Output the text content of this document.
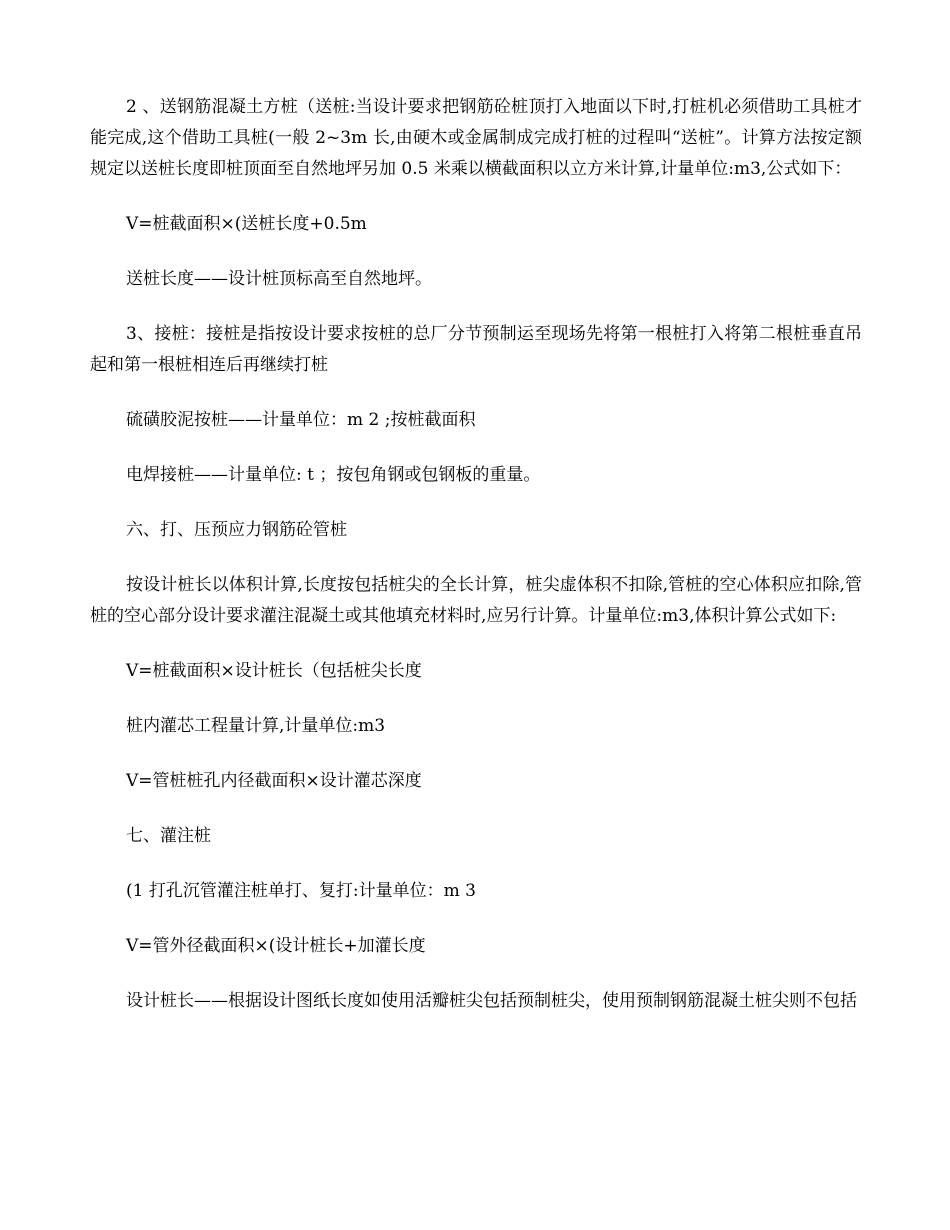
2 、送钢筋混凝土方桩（送桩:当设计要求把钢筋砼桩顶打入地面以下时,打桩机必须借助工具桩才能完成,这个借助工具桩(一般 2~3m 长,由硬木或金属制成完成打桩的过程叫“送桩”。计算方法按定额规定以送桩长度即桩顶面至自然地坪另加 0.5 米乘以横截面积以立方米计算,计量单位:m3,公式如下：

V=桩截面积×(送桩长度+0.5m

送桩长度——设计桩顶标高至自然地坪。

3、接桩：接桩是指按设计要求按桩的总厂分节预制运至现场先将第一根桩打入将第二根桩垂直吊起和第一根桩相连后再继续打桩

硫磺胶泥按桩——计量单位：m 2 ;按桩截面积

电焊接桩——计量单位: t ；按包角钢或包钢板的重量。

六、打、压预应力钢筋砼管桩

按设计桩长以体积计算,长度按包括桩尖的全长计算，桩尖虚体积不扣除,管桩的空心体积应扣除,管桩的空心部分设计要求灌注混凝土或其他填充材料时,应另行计算。计量单位:m3,体积计算公式如下:

V=桩截面积×设计桩长（包括桩尖长度

桩内灌芯工程量计算,计量单位:m3

V=管桩桩孔内径截面积×设计灌芯深度

七、灌注桩

(1 打孔沉管灌注桩单打、复打:计量单位：m 3

V=管外径截面积×(设计桩长+加灌长度

设计桩长——根据设计图纸长度如使用活瓣桩尖包括预制桩尖，使用预制钢筋混凝土桩尖则不包括
